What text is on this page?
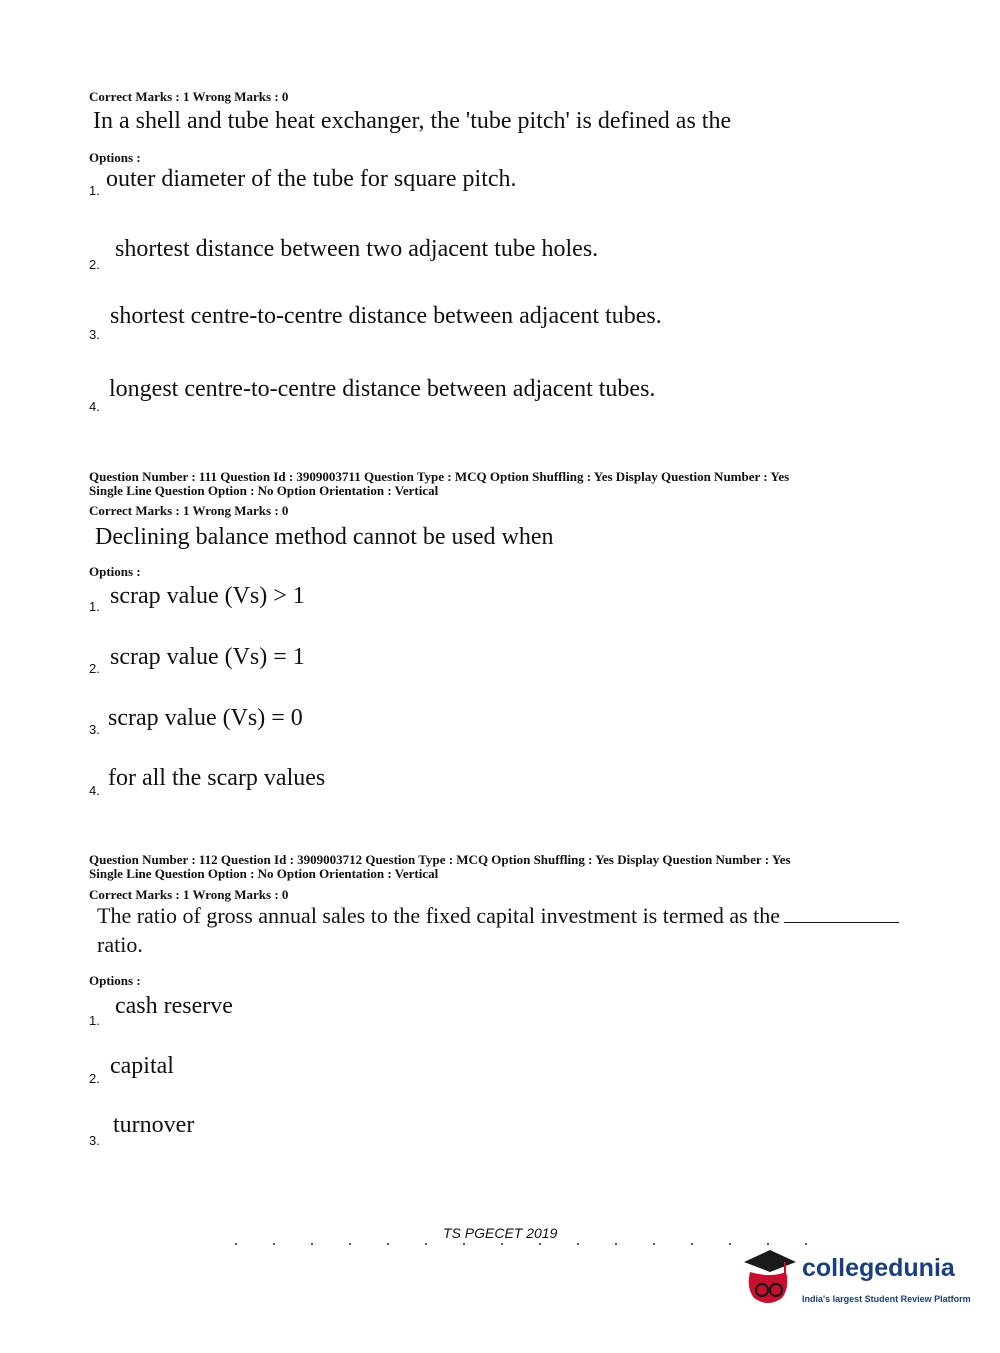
Correct Marks : 1 Wrong Marks : 0
In a shell and tube heat exchanger, the 'tube pitch' is defined as the
Options :
1. outer diameter of the tube for square pitch.
2.
shortest distance between two adjacent tube holes.
3.
shortest centre-to-centre distance between adjacent tubes.
4.
longest centre-to-centre distance between adjacent tubes.
Question Number : 111 Question Id : 3909003711 Question Type : MCQ Option Shuffling : Yes Display Question Number : Yes
Single Line Question Option : No Option Orientation : Vertical
Correct Marks : 1 Wrong Marks : 0
Declining balance method cannot be used when
Options :
1. scrap value (Vs) > 1
2. scrap value (Vs) = 1
3. scrap value (Vs) = 0
4. for all the scarp values
Question Number : 112 Question Id : 3909003712 Question Type : MCQ Option Shuffling : Yes Display Question Number : Yes
Single Line Question Option : No Option Orientation : Vertical
Correct Marks : 1 Wrong Marks : 0
The ratio of gross annual sales to the fixed capital investment is termed as the
ratio.
Options :
1.
cash reserve
2. capital
3.
turnover
TS PGECET 2019
collegedunia
India's largest Student Review Platform
